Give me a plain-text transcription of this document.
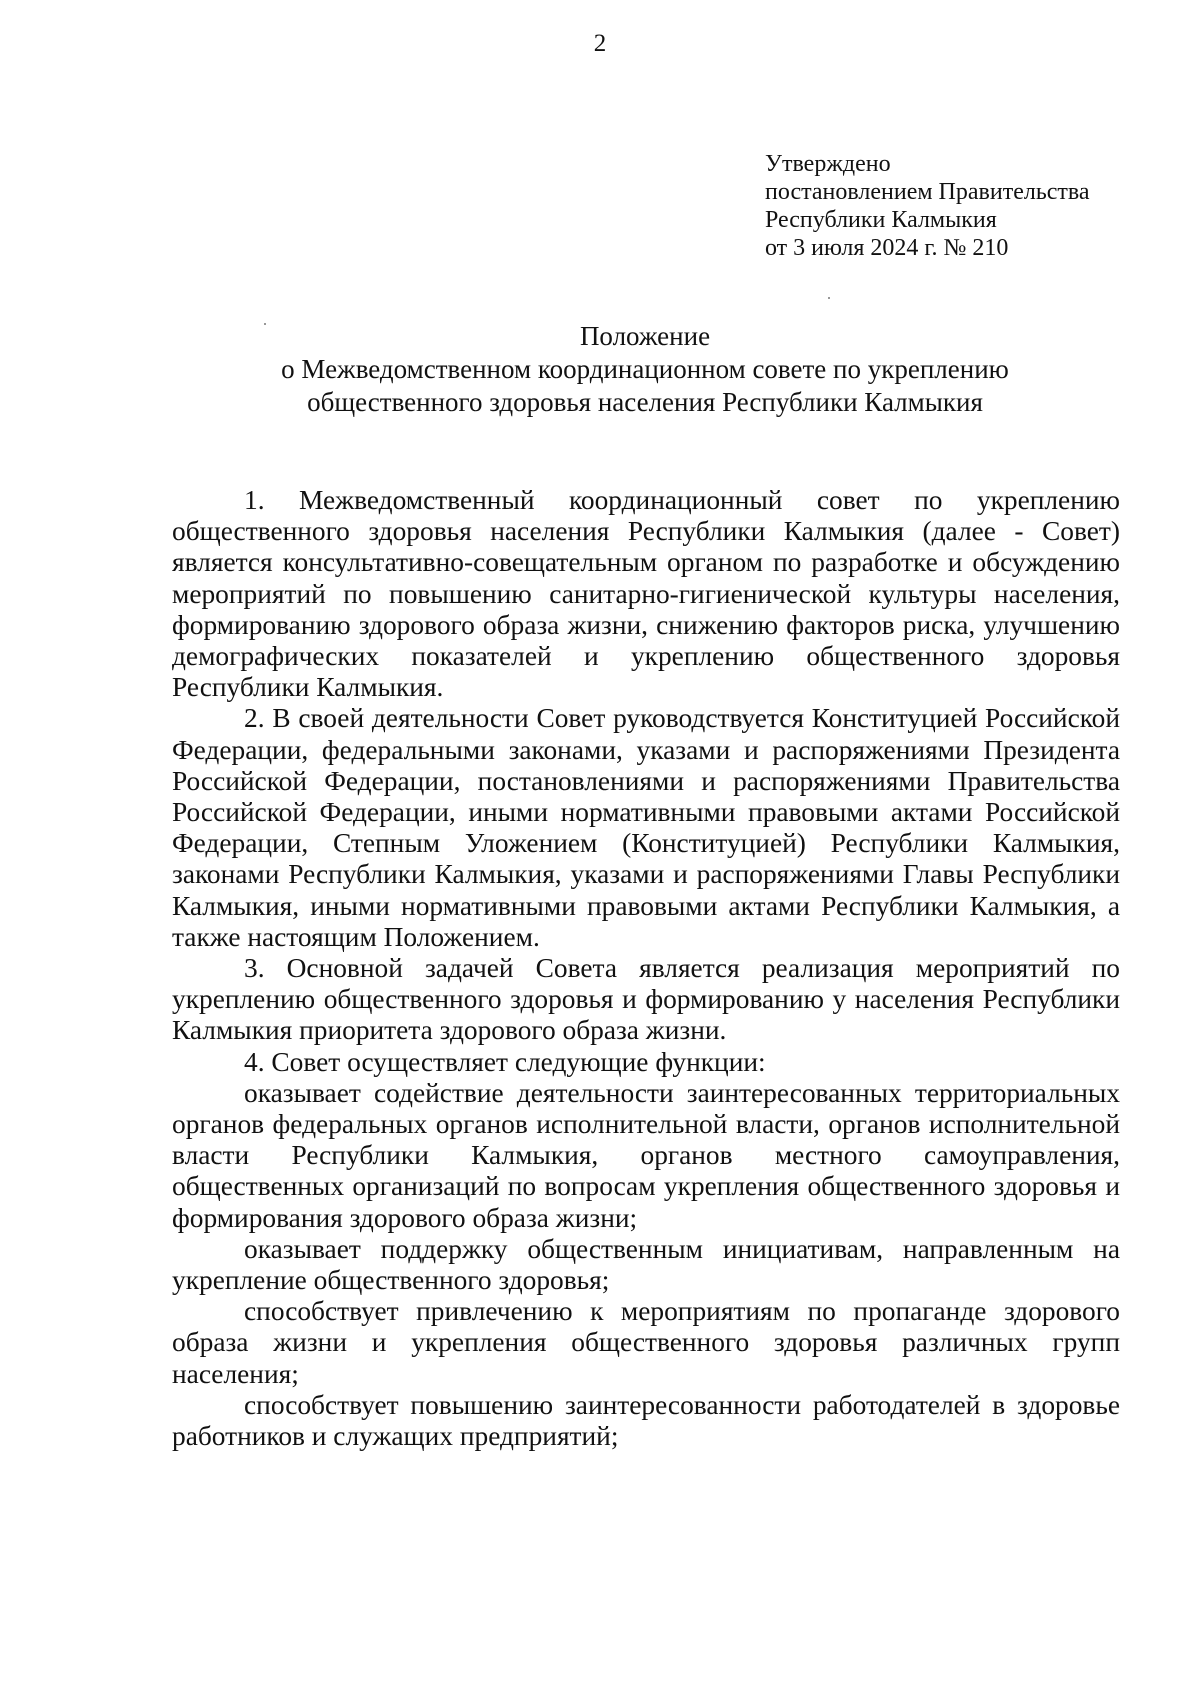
2
Утверждено
постановлением Правительства
Республики Калмыкия
от 3 июля 2024 г. № 210
Положение
о Межведомственном координационном совете по укреплению
общественного здоровья населения Республики Калмыкия

1. Межведомственный координационный совет по укреплению общественного здоровья населения Республики Калмыкия (далее - Совет) является консультативно-совещательным органом по разработке и обсуждению мероприятий по повышению санитарно-гигиенической культуры населения, формированию здорового образа жизни, снижению факторов риска, улучшению демографических показателей и укреплению общественного здоровья Республики Калмыкия.

2. В своей деятельности Совет руководствуется Конституцией Российской Федерации, федеральными законами, указами и распоряжениями Президента Российской Федерации, постановлениями и распоряжениями Правительства Российской Федерации, иными нормативными правовыми актами Российской Федерации, Степным Уложением (Конституцией) Республики Калмыкия, законами Республики Калмыкия, указами и распоряжениями Главы Республики Калмыкия, иными нормативными правовыми актами Республики Калмыкия, а также настоящим Положением.

3. Основной задачей Совета является реализация мероприятий по укреплению общественного здоровья и формированию у населения Республики Калмыкия приоритета здорового образа жизни.

4. Совет осуществляет следующие функции:

оказывает содействие деятельности заинтересованных территориальных органов федеральных органов исполнительной власти, органов исполнительной власти Республики Калмыкия, органов местного самоуправления, общественных организаций по вопросам укрепления общественного здоровья и формирования здорового образа жизни;

оказывает поддержку общественным инициативам, направленным на укрепление общественного здоровья;

способствует привлечению к мероприятиям по пропаганде здорового образа жизни и укрепления общественного здоровья различных групп населения;

способствует повышению заинтересованности работодателей в здоровье работников и служащих предприятий;
